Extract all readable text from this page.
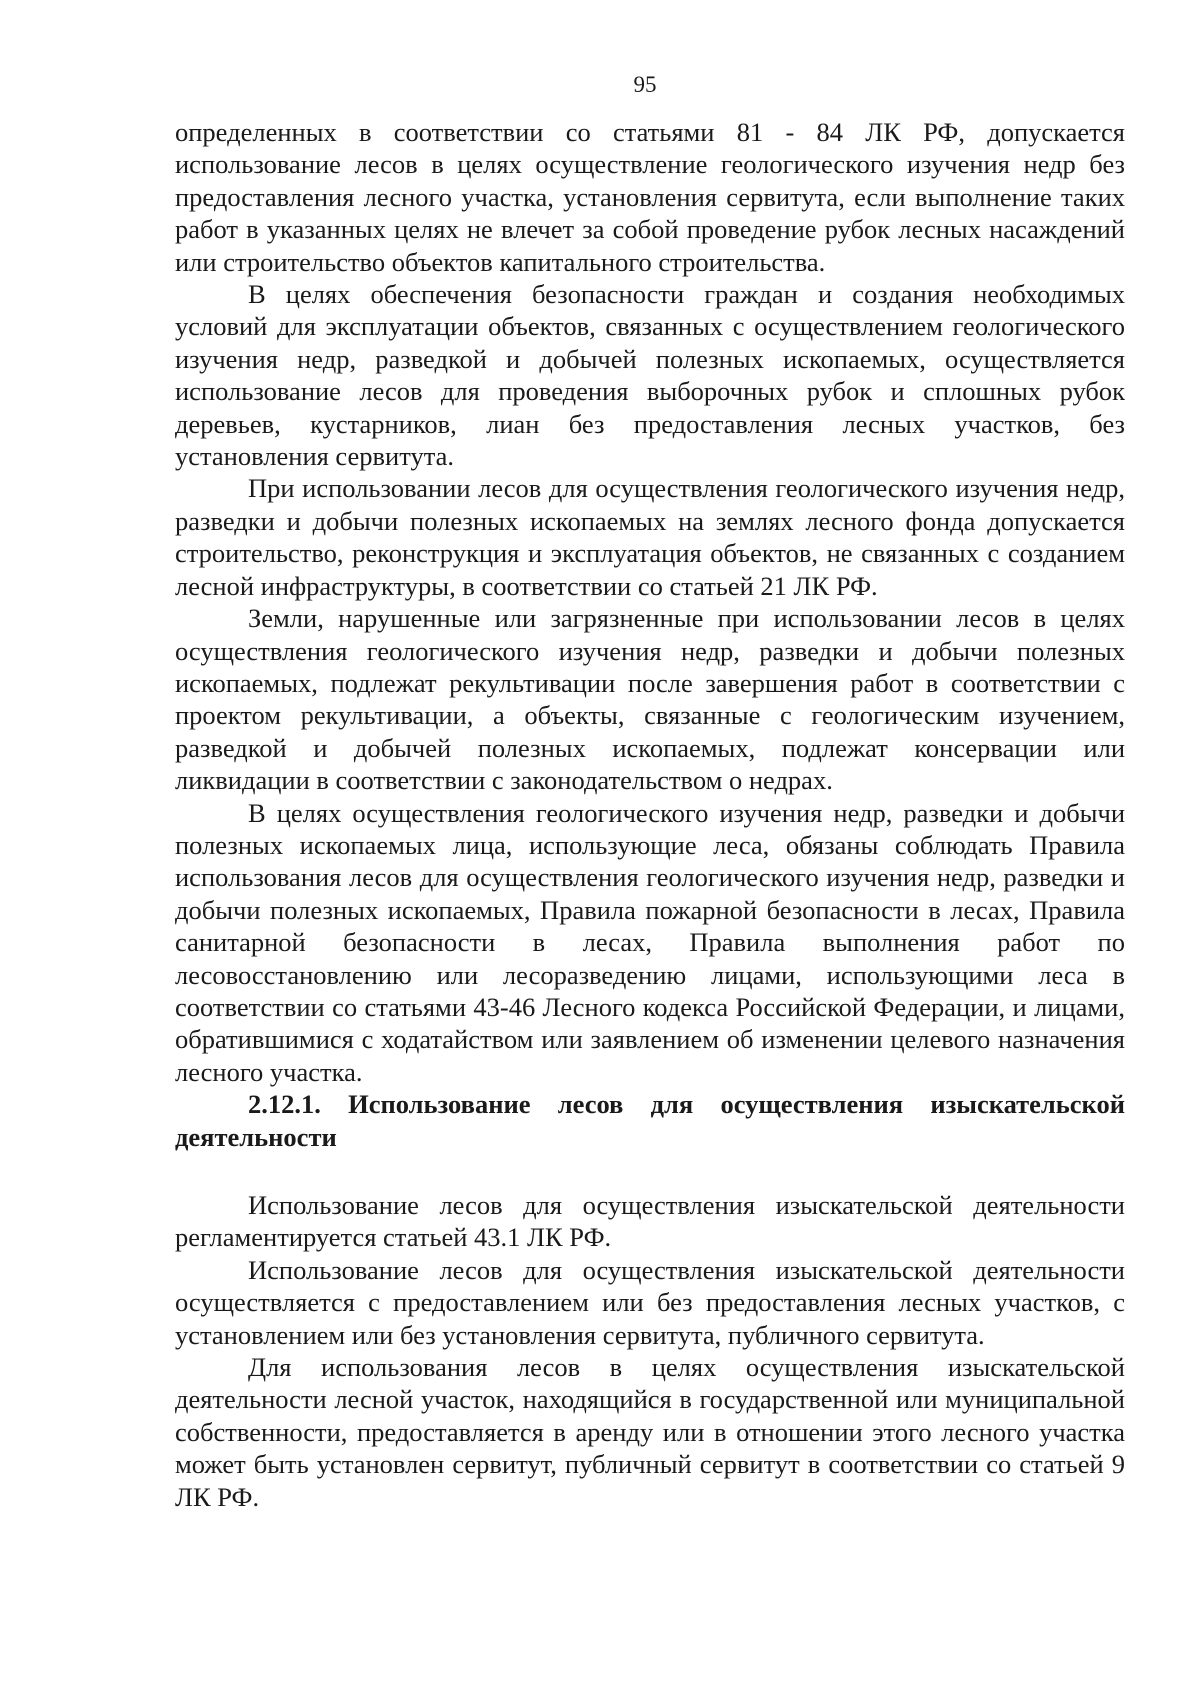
95

определенных в соответствии со статьями 81 - 84 ЛК РФ, допускается использование лесов в целях осуществление геологического изучения недр без предоставления лесного участка, установления сервитута, если выполнение таких работ в указанных целях не влечет за собой проведение рубок лесных насаждений или строительство объектов капитального строительства.

В целях обеспечения безопасности граждан и создания необходимых условий для эксплуатации объектов, связанных с осуществлением геологического изучения недр, разведкой и добычей полезных ископаемых, осуществляется использование лесов для проведения выборочных рубок и сплошных рубок деревьев, кустарников, лиан без предоставления лесных участков, без установления сервитута.

При использовании лесов для осуществления геологического изучения недр, разведки и добычи полезных ископаемых на землях лесного фонда допускается строительство, реконструкция и эксплуатация объектов, не связанных с созданием лесной инфраструктуры, в соответствии со статьей 21 ЛК РФ.

Земли, нарушенные или загрязненные при использовании лесов в целях осуществления геологического изучения недр, разведки и добычи полезных ископаемых, подлежат рекультивации после завершения работ в соответствии с проектом рекультивации, а объекты, связанные с геологическим изучением, разведкой и добычей полезных ископаемых, подлежат консервации или ликвидации в соответствии с законодательством о недрах.

В целях осуществления геологического изучения недр, разведки и добычи полезных ископаемых лица, использующие леса, обязаны соблюдать Правила использования лесов для осуществления геологического изучения недр, разведки и добычи полезных ископаемых, Правила пожарной безопасности в лесах, Правила санитарной безопасности в лесах, Правила выполнения работ по лесовосстановлению или лесоразведению лицами, использующими леса в соответствии со статьями 43-46 Лесного кодекса Российской Федерации, и лицами, обратившимися с ходатайством или заявлением об изменении целевого назначения лесного участка.

2.12.1. Использование лесов для осуществления изыскательской деятельности

Использование лесов для осуществления изыскательской деятельности регламентируется статьей 43.1 ЛК РФ.

Использование лесов для осуществления изыскательской деятельности осуществляется с предоставлением или без предоставления лесных участков, с установлением или без установления сервитута, публичного сервитута.

Для использования лесов в целях осуществления изыскательской деятельности лесной участок, находящийся в государственной или муниципальной собственности, предоставляется в аренду или в отношении этого лесного участка может быть установлен сервитут, публичный сервитут в соответствии со статьей 9 ЛК РФ.
